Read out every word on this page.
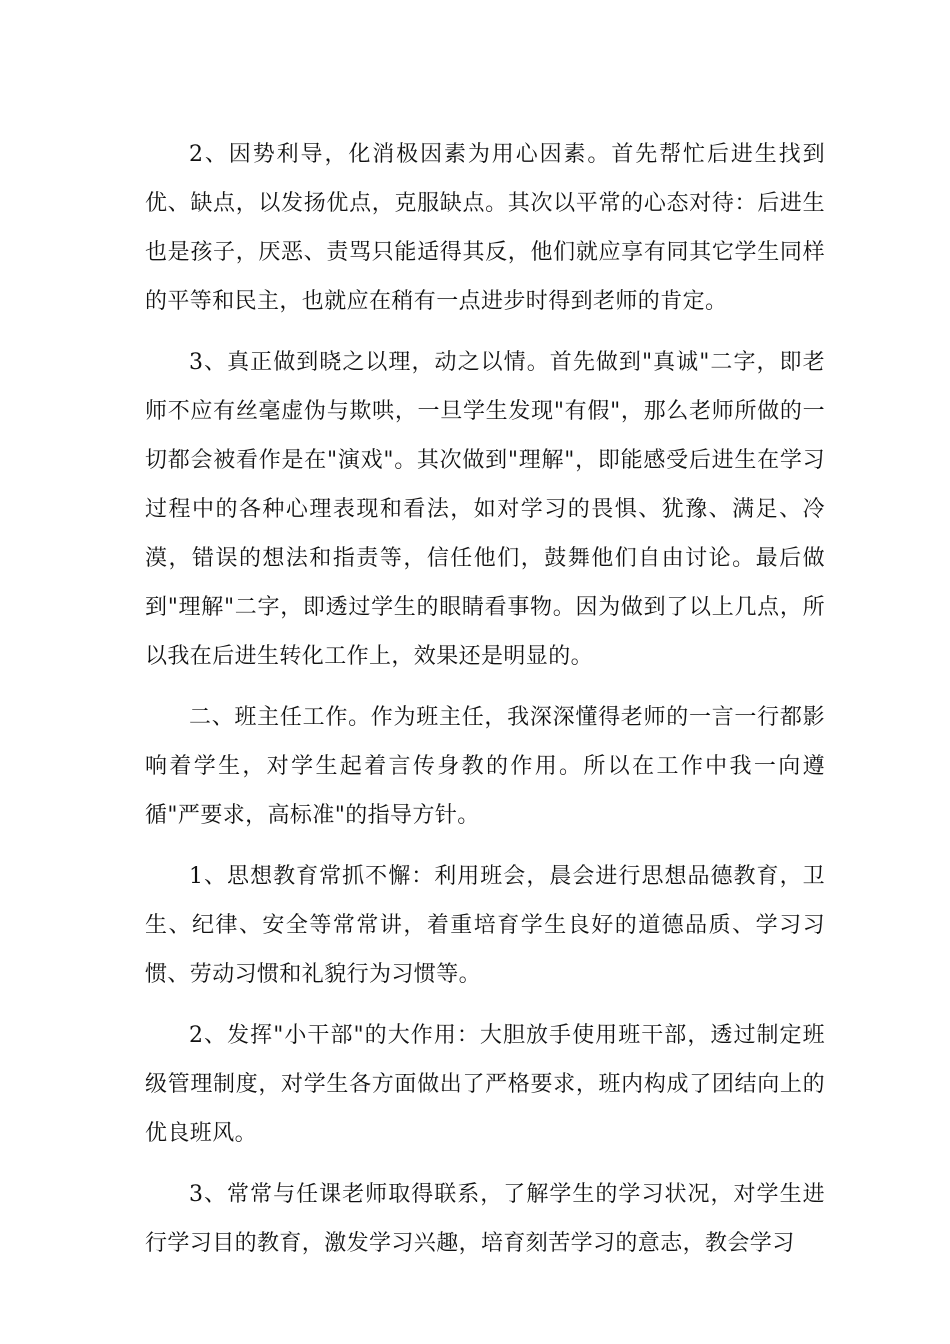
2、因势利导，化消极因素为用心因素。首先帮忙后进生找到优、缺点，以发扬优点，克服缺点。其次以平常的心态对待：后进生也是孩子，厌恶、责骂只能适得其反，他们就应享有同其它学生同样的平等和民主，也就应在稍有一点进步时得到老师的肯定。

3、真正做到晓之以理，动之以情。首先做到"真诚"二字，即老师不应有丝毫虚伪与欺哄，一旦学生发现"有假"，那么老师所做的一切都会被看作是在"演戏"。其次做到"理解"，即能感受后进生在学习过程中的各种心理表现和看法，如对学习的畏惧、犹豫、满足、冷漠，错误的想法和指责等，信任他们，鼓舞他们自由讨论。最后做到"理解"二字，即透过学生的眼睛看事物。因为做到了以上几点，所以我在后进生转化工作上，效果还是明显的。

二、班主任工作。作为班主任，我深深懂得老师的一言一行都影响着学生，对学生起着言传身教的作用。所以在工作中我一向遵循"严要求，高标准"的指导方针。

1、思想教育常抓不懈：利用班会，晨会进行思想品德教育，卫生、纪律、安全等常常讲，着重培育学生良好的道德品质、学习习惯、劳动习惯和礼貌行为习惯等。

2、发挥"小干部"的大作用：大胆放手使用班干部，透过制定班级管理制度，对学生各方面做出了严格要求，班内构成了团结向上的优良班风。

3、常常与任课老师取得联系，了解学生的学习状况，对学生进行学习目的教育，激发学习兴趣，培育刻苦学习的意志，教会学习
